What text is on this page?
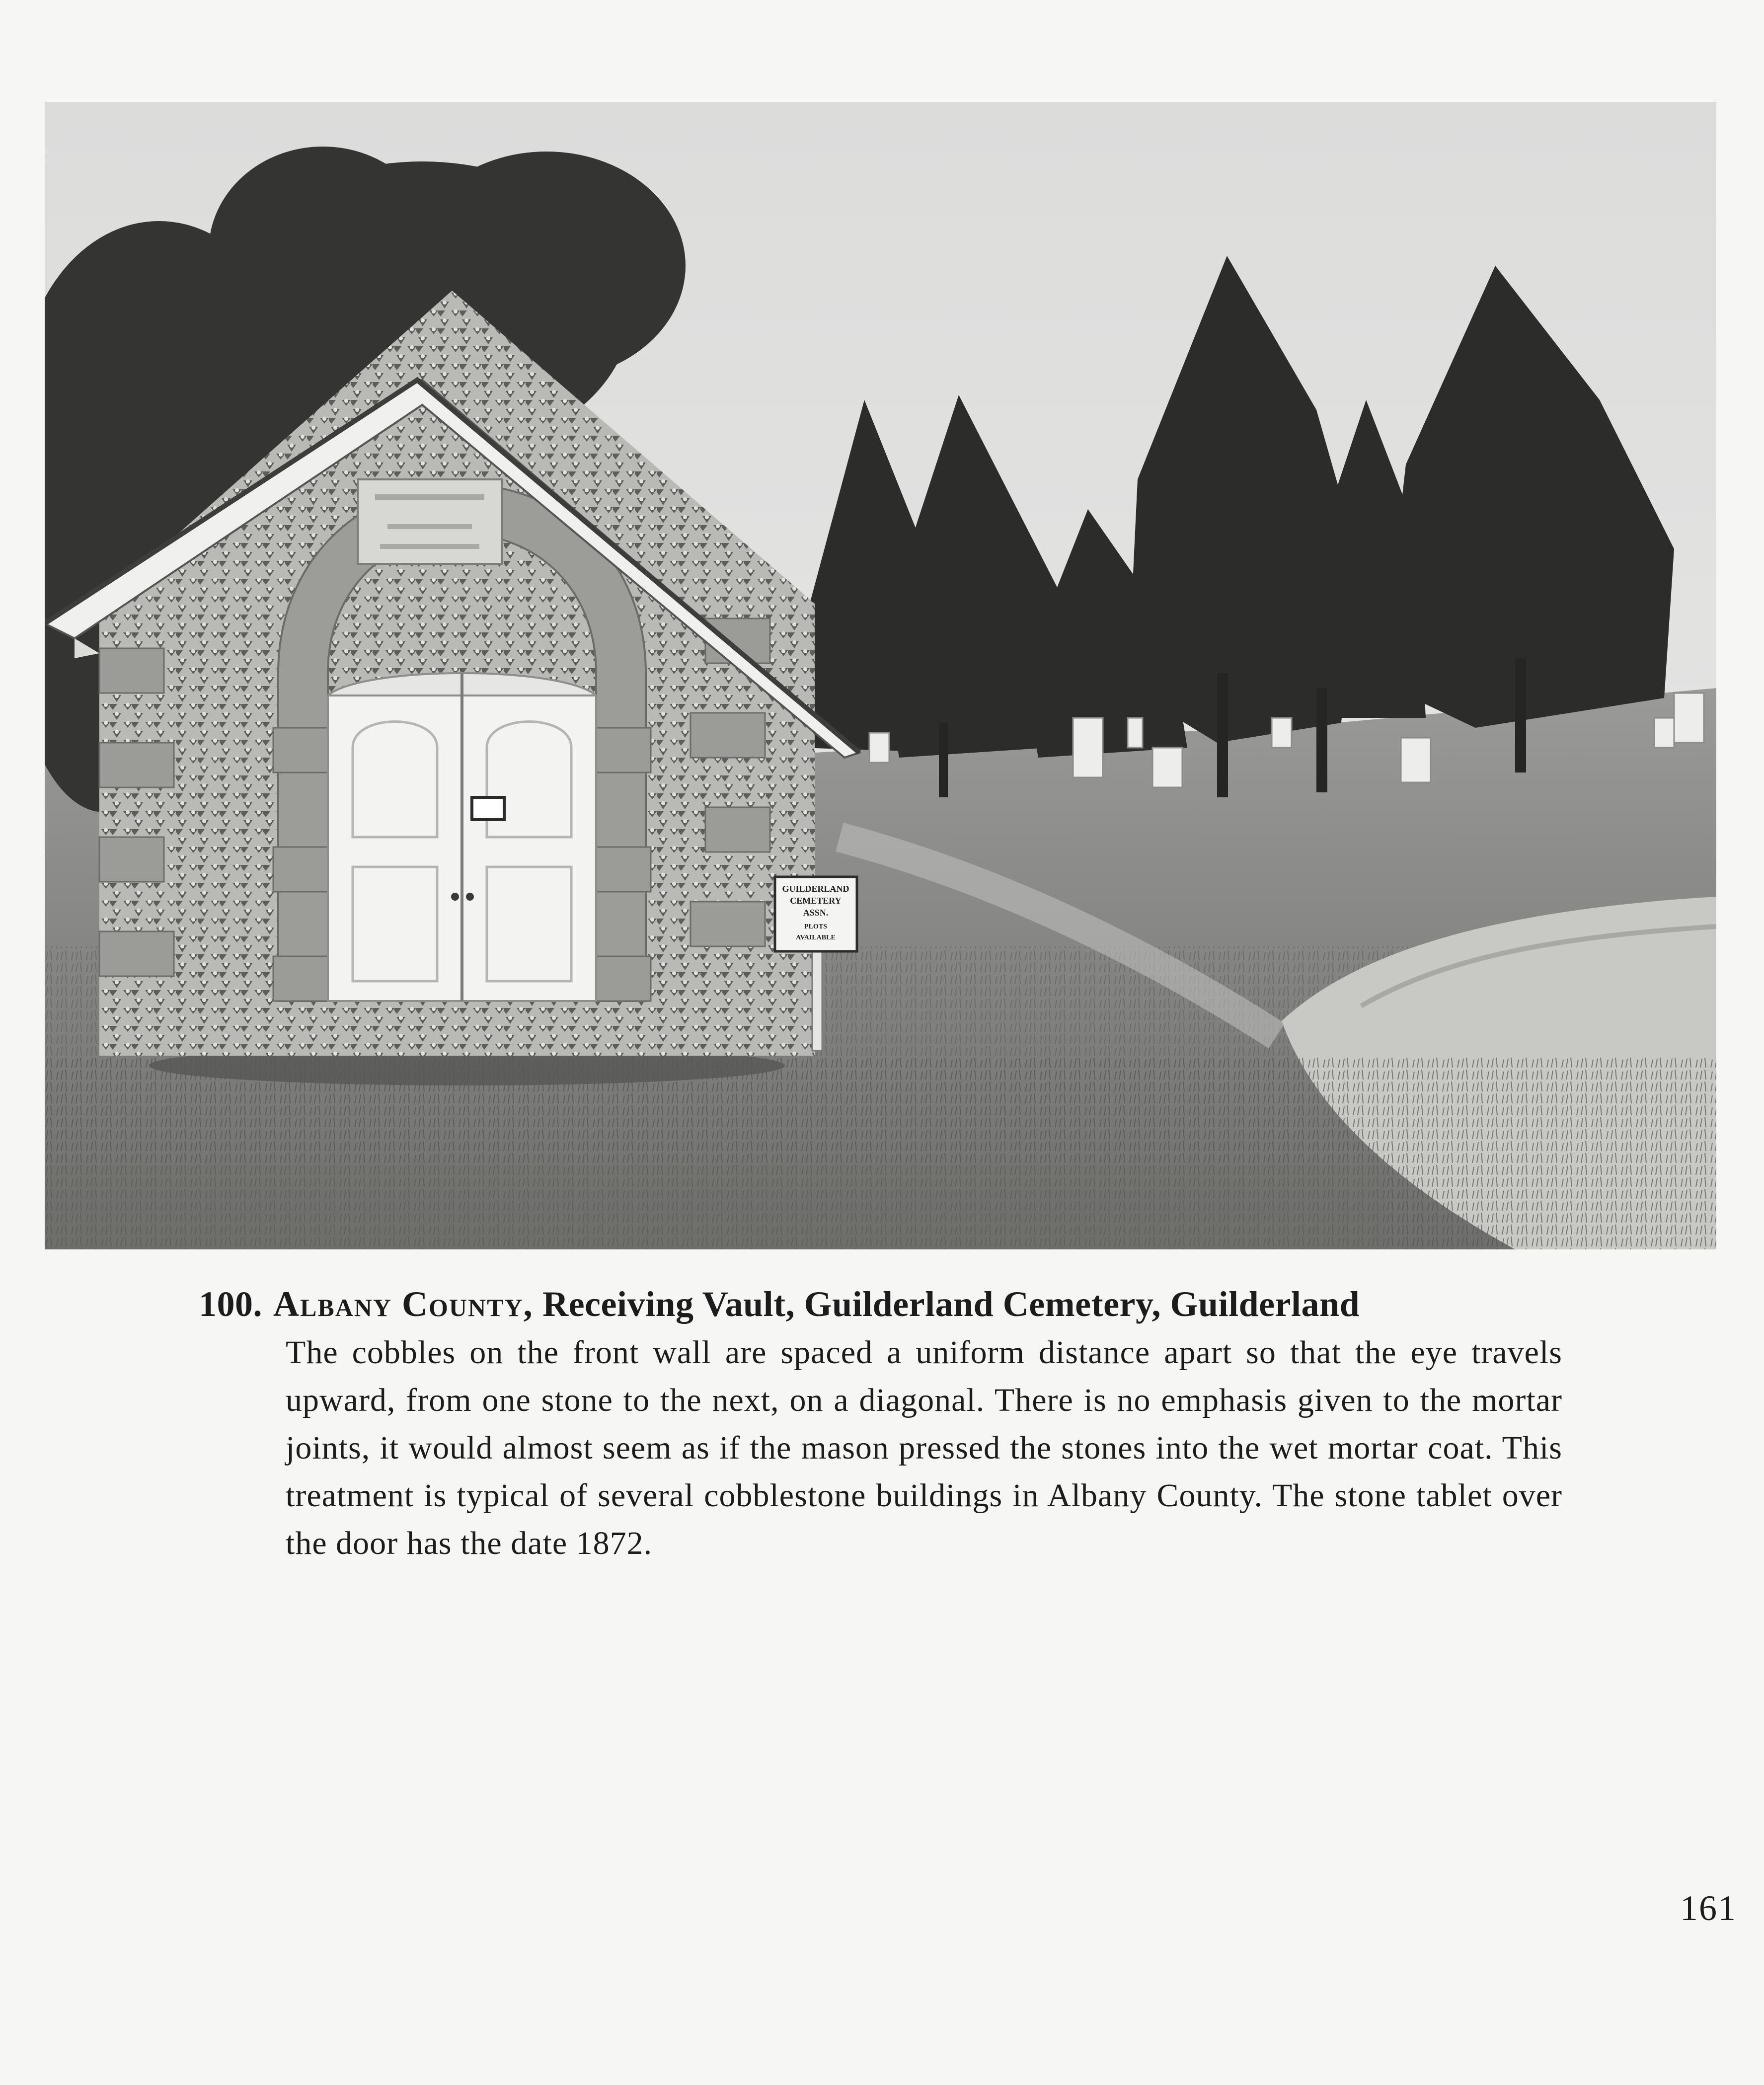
GUILDERLAND
CEMETERY
ASSN.
PLOTS
AVAILABLE
100. Albany County, Receiving Vault, Guilderland Cemetery, Guilderland
The cobbles on the front wall are spaced a uniform distance apart so that the eye travels upward, from one stone to the next, on a diagonal. There is no emphasis given to the mortar joints, it would almost seem as if the mason pressed the stones into the wet mortar coat. This treatment is typical of several cobblestone buildings in Albany County. The stone tablet over the door has the date 1872.
161
